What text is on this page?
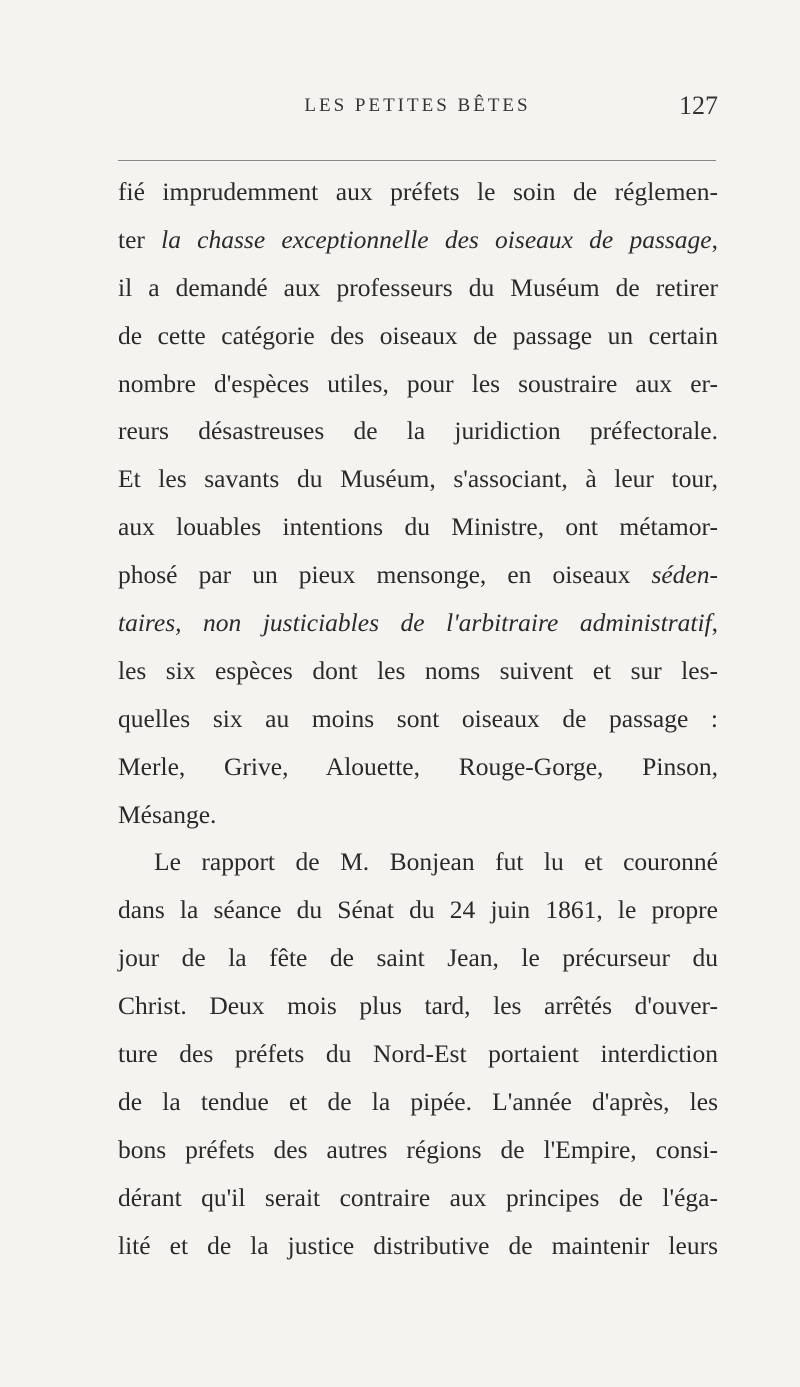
LES PETITES BÊTES	127
fié imprudemment aux préfets le soin de réglemen-
ter la chasse exceptionnelle des oiseaux de passage,
il a demandé aux professeurs du Muséum de retirer
de cette catégorie des oiseaux de passage un certain
nombre d'espèces utiles, pour les soustraire aux er-
reurs désastreuses de la juridiction préfectorale.
Et les savants du Muséum, s'associant, à leur tour,
aux louables intentions du Ministre, ont métamor-
phosé par un pieux mensonge, en oiseaux séden-
taires, non justiciables de l'arbitraire administratif,
les six espèces dont les noms suivent et sur les-
quelles six au moins sont oiseaux de passage :
Merle, Grive, Alouette, Rouge-Gorge, Pinson,
Mésange.
Le rapport de M. Bonjean fut lu et couronné
dans la séance du Sénat du 24 juin 1861, le propre
jour de la fête de saint Jean, le précurseur du
Christ. Deux mois plus tard, les arrêtés d'ouver-
ture des préfets du Nord-Est portaient interdiction
de la tendue et de la pipée. L'année d'après, les
bons préfets des autres régions de l'Empire, consi-
dérant qu'il serait contraire aux principes de l'éga-
lité et de la justice distributive de maintenir leurs
